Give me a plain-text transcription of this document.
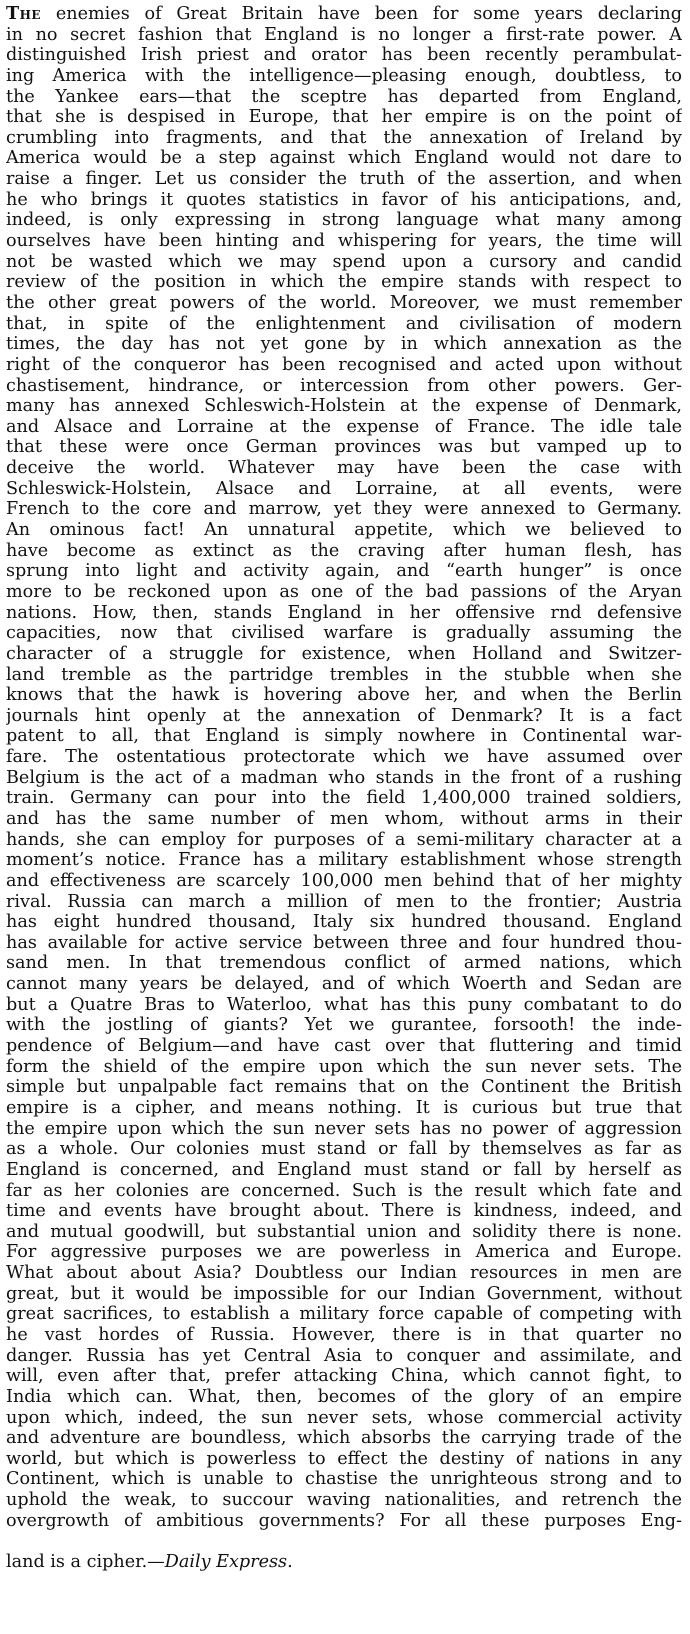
The enemies of Great Britain have been for some years declaring
in no secret fashion that England is no longer a first-rate power. A
distinguished Irish priest and orator has been recently perambulat-
ing America with the intelligence—pleasing enough, doubtless, to
the Yankee ears—that the sceptre has departed from England,
that she is despised in Europe, that her empire is on the point of
crumbling into fragments, and that the annexation of Ireland by
America would be a step against which England would not dare to
raise a finger. Let us consider the truth of the assertion, and when
he who brings it quotes statistics in favor of his anticipations, and,
indeed, is only expressing in strong language what many among
ourselves have been hinting and whispering for years, the time will
not be wasted which we may spend upon a cursory and candid
review of the position in which the empire stands with respect to
the other great powers of the world. Moreover, we must remember
that, in spite of the enlightenment and civilisation of modern
times, the day has not yet gone by in which annexation as the
right of the conqueror has been recognised and acted upon without
chastisement, hindrance, or intercession from other powers. Ger-
many has annexed Schleswich-Holstein at the expense of Denmark,
and Alsace and Lorraine at the expense of France. The idle tale
that these were once German provinces was but vamped up to
deceive the world. Whatever may have been the case with
Schleswick-Holstein, Alsace and Lorraine, at all events, were
French to the core and marrow, yet they were annexed to Germany.
An ominous fact! An unnatural appetite, which we believed to
have become as extinct as the craving after human flesh, has
sprung into light and activity again, and “earth hunger” is once
more to be reckoned upon as one of the bad passions of the Aryan
nations. How, then, stands England in her offensive rnd defensive
capacities, now that civilised warfare is gradually assuming the
character of a struggle for existence, when Holland and Switzer-
land tremble as the partridge trembles in the stubble when she
knows that the hawk is hovering above her, and when the Berlin
journals hint openly at the annexation of Denmark? It is a fact
patent to all, that England is simply nowhere in Continental war-
fare. The ostentatious protectorate which we have assumed over
Belgium is the act of a madman who stands in the front of a rushing
train. Germany can pour into the field 1,400,000 trained soldiers,
and has the same number of men whom, without arms in their
hands, she can employ for purposes of a semi-military character at a
moment’s notice. France has a military establishment whose strength
and effectiveness are scarcely 100,000 men behind that of her mighty
rival. Russia can march a million of men to the frontier; Austria
has eight hundred thousand, Italy six hundred thousand. England
has available for active service between three and four hundred thou-
sand men. In that tremendous conflict of armed nations, which
cannot many years be delayed, and of which Woerth and Sedan are
but a Quatre Bras to Waterloo, what has this puny combatant to do
with the jostling of giants? Yet we gurantee, forsooth! the inde-
pendence of Belgium—and have cast over that fluttering and timid
form the shield of the empire upon which the sun never sets. The
simple but unpalpable fact remains that on the Continent the British
empire is a cipher, and means nothing. It is curious but true that
the empire upon which the sun never sets has no power of aggression
as a whole. Our colonies must stand or fall by themselves as far as
England is concerned, and England must stand or fall by herself as
far as her colonies are concerned. Such is the result which fate and
time and events have brought about. There is kindness, indeed, and
and mutual goodwill, but substantial union and solidity there is none.
For aggressive purposes we are powerless in America and Europe.
What about about Asia? Doubtless our Indian resources in men are
great, but it would be impossible for our Indian Government, without
great sacrifices, to establish a military force capable of competing with
he vast hordes of Russia. However, there is in that quarter no
danger. Russia has yet Central Asia to conquer and assimilate, and
will, even after that, prefer attacking China, which cannot fight, to
India which can. What, then, becomes of the glory of an empire
upon which, indeed, the sun never sets, whose commercial activity
and adventure are boundless, which absorbs the carrying trade of the
world, but which is powerless to effect the destiny of nations in any
Continent, which is unable to chastise the unrighteous strong and to
uphold the weak, to succour waving nationalities, and retrench the
overgrowth of ambitious governments? For all these purposes Eng-
land is a cipher.—Daily Express.
